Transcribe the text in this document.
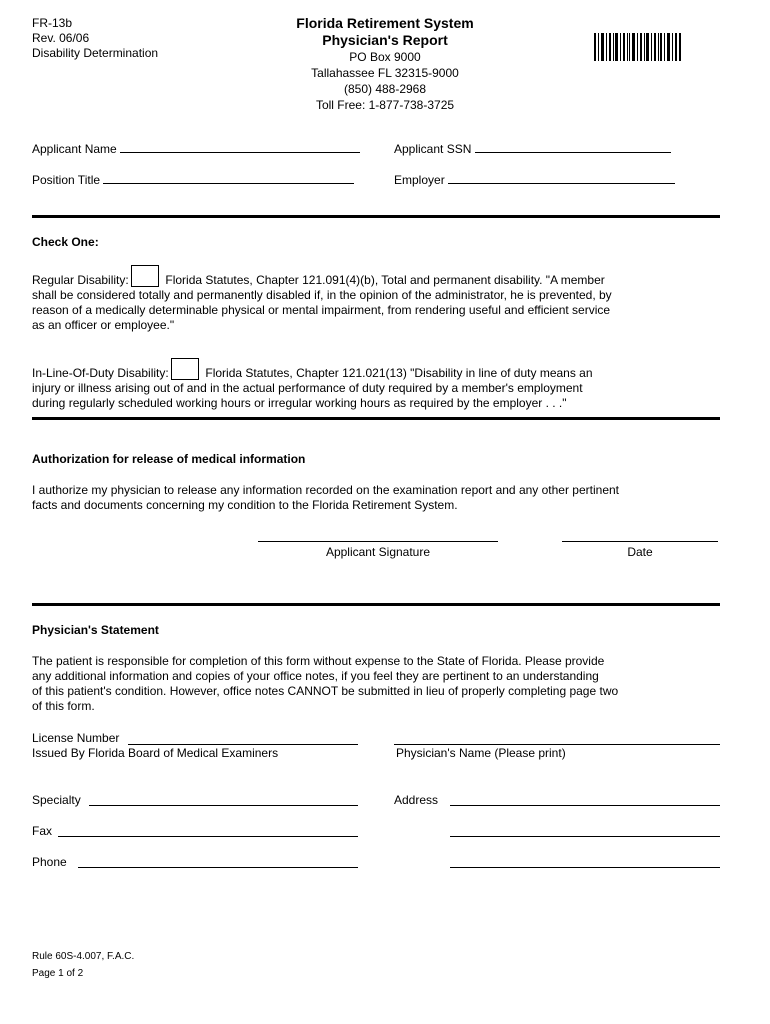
FR-13b
Rev. 06/06
Disability Determination
Florida Retirement System
Physician's Report
PO Box 9000
Tallahassee FL 32315-9000
(850) 488-2968
Toll Free: 1-877-738-3725
Applicant Name	Applicant SSN
Position Title	Employer
Check One:
Regular Disability:	Florida Statutes, Chapter 121.091(4)(b), Total and permanent disability. "A member
shall be considered totally and permanently disabled if, in the opinion of the administrator, he is prevented, by
reason of a medically determinable physical or mental impairment, from rendering useful and efficient service
as an officer or employee."
In-Line-Of-Duty Disability:	Florida Statutes, Chapter 121.021(13) "Disability in line of duty means an
injury or illness arising out of and in the actual performance of duty required by a member's employment
during regularly scheduled working hours or irregular working hours as required by the employer . . ."
Authorization for release of medical information
I authorize my physician to release any information recorded on the examination report and any other pertinent
facts and documents concerning my condition to the Florida Retirement System.
Applicant Signature	Date
Physician's Statement
The patient is responsible for completion of this form without expense to the State of Florida. Please provide
any additional information and copies of your office notes, if you feel they are pertinent to an understanding
of this patient's condition. However, office notes CANNOT be submitted in lieu of properly completing page two
of this form.
License Number
Issued By Florida Board of Medical Examiners	Physician's Name (Please print)
Specialty	Address
Fax
Phone
Rule 60S-4.007, F.A.C.
Page 1 of 2
